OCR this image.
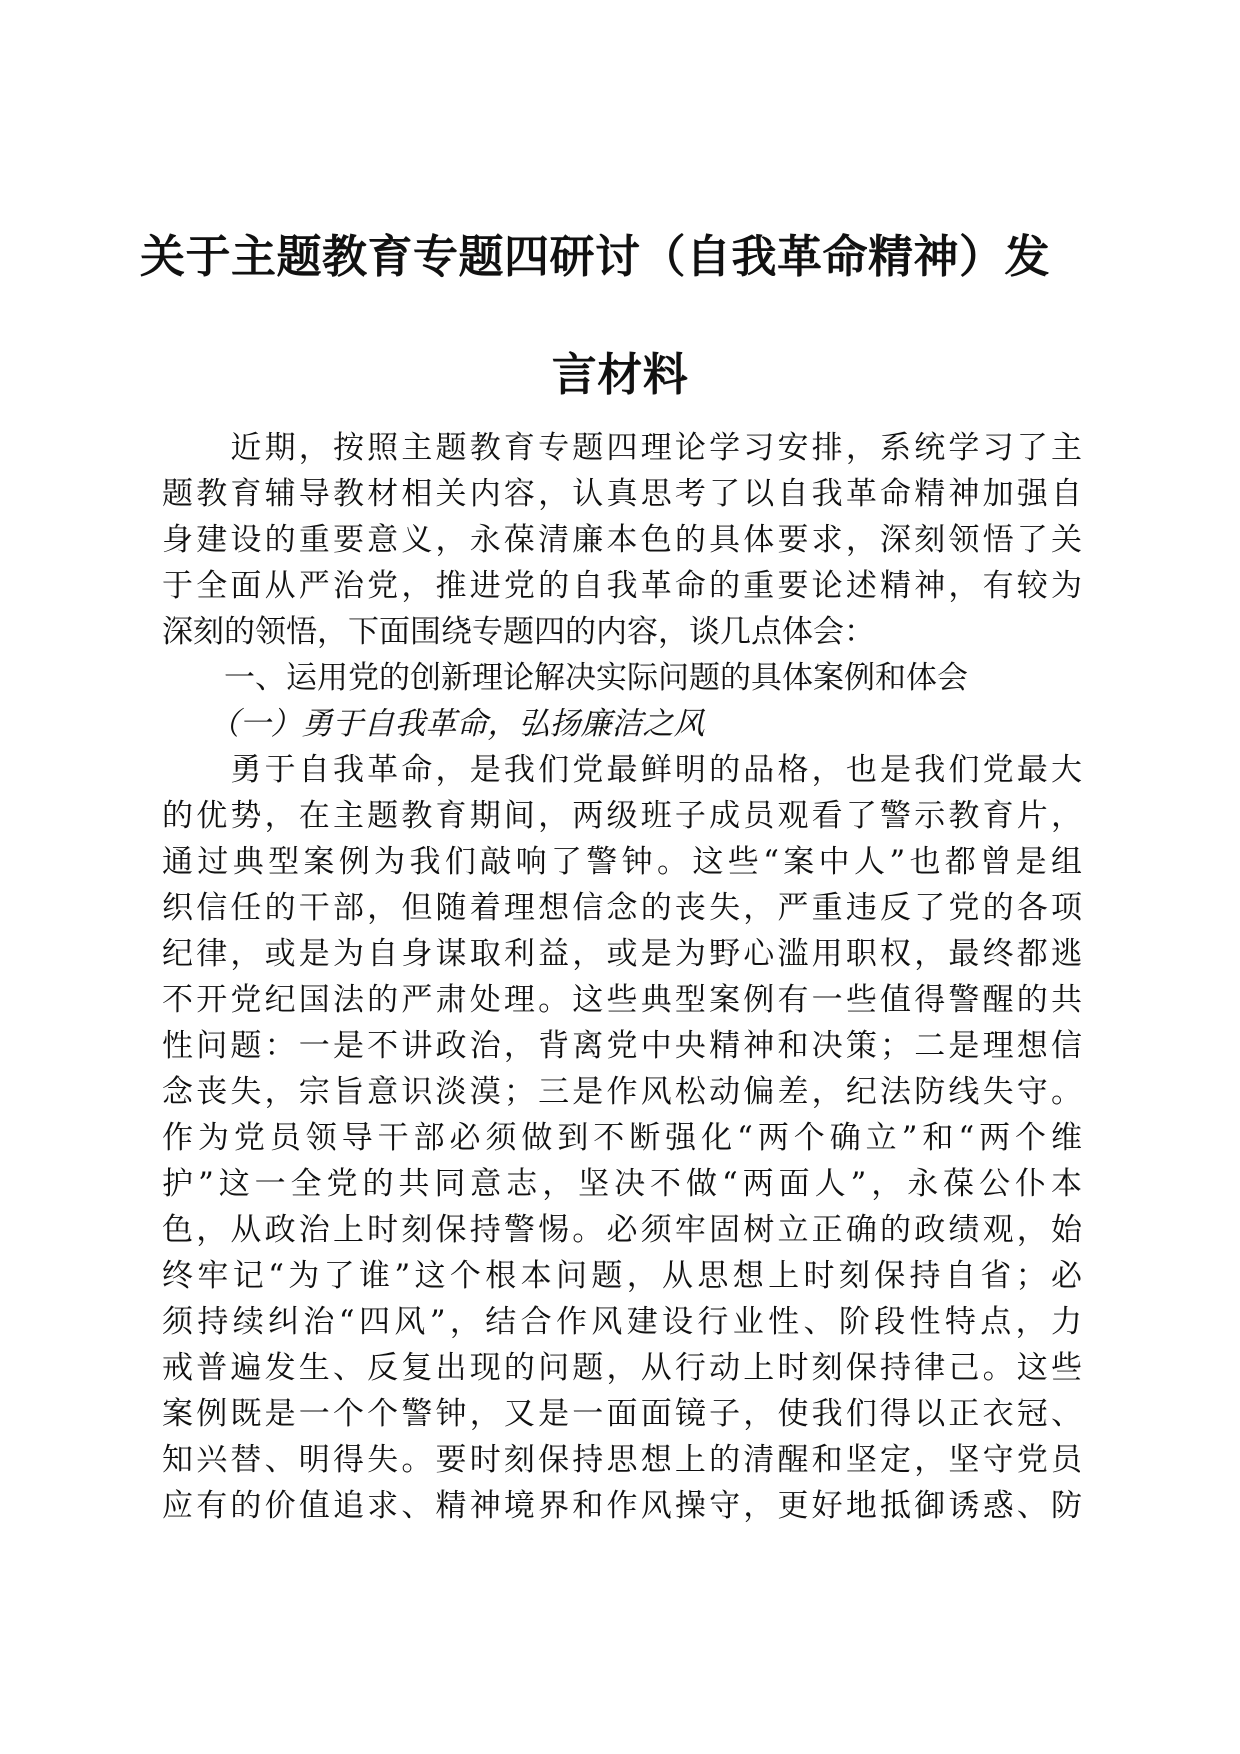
关于主题教育专题四研讨（自我革命精神）发
言材料
　　近期，按照主题教育专题四理论学习安排，系统学习了主
题教育辅导教材相关内容，认真思考了以自我革命精神加强自
身建设的重要意义，永葆清廉本色的具体要求，深刻领悟了关
于全面从严治党，推进党的自我革命的重要论述精神，有较为
深刻的领悟，下面围绕专题四的内容，谈几点体会：
　　一、运用党的创新理论解决实际问题的具体案例和体会
　　（一）勇于自我革命，弘扬廉洁之风
　　勇于自我革命，是我们党最鲜明的品格，也是我们党最大
的优势，在主题教育期间，两级班子成员观看了警示教育片，
通过典型案例为我们敲响了警钟。这些“案中人”也都曾是组
织信任的干部，但随着理想信念的丧失，严重违反了党的各项
纪律，或是为自身谋取利益，或是为野心滥用职权，最终都逃
不开党纪国法的严肃处理。这些典型案例有一些值得警醒的共
性问题：一是不讲政治，背离党中央精神和决策；二是理想信
念丧失，宗旨意识淡漠；三是作风松动偏差，纪法防线失守。
作为党员领导干部必须做到不断强化“两个确立”和“两个维
护”这一全党的共同意志，坚决不做“两面人”，永葆公仆本
色，从政治上时刻保持警惕。必须牢固树立正确的政绩观，始
终牢记“为了谁”这个根本问题，从思想上时刻保持自省；必
须持续纠治“四风”，结合作风建设行业性、阶段性特点，力
戒普遍发生、反复出现的问题，从行动上时刻保持律己。这些
案例既是一个个警钟，又是一面面镜子，使我们得以正衣冠、
知兴替、明得失。要时刻保持思想上的清醒和坚定，坚守党员
应有的价值追求、精神境界和作风操守，更好地抵御诱惑、防
